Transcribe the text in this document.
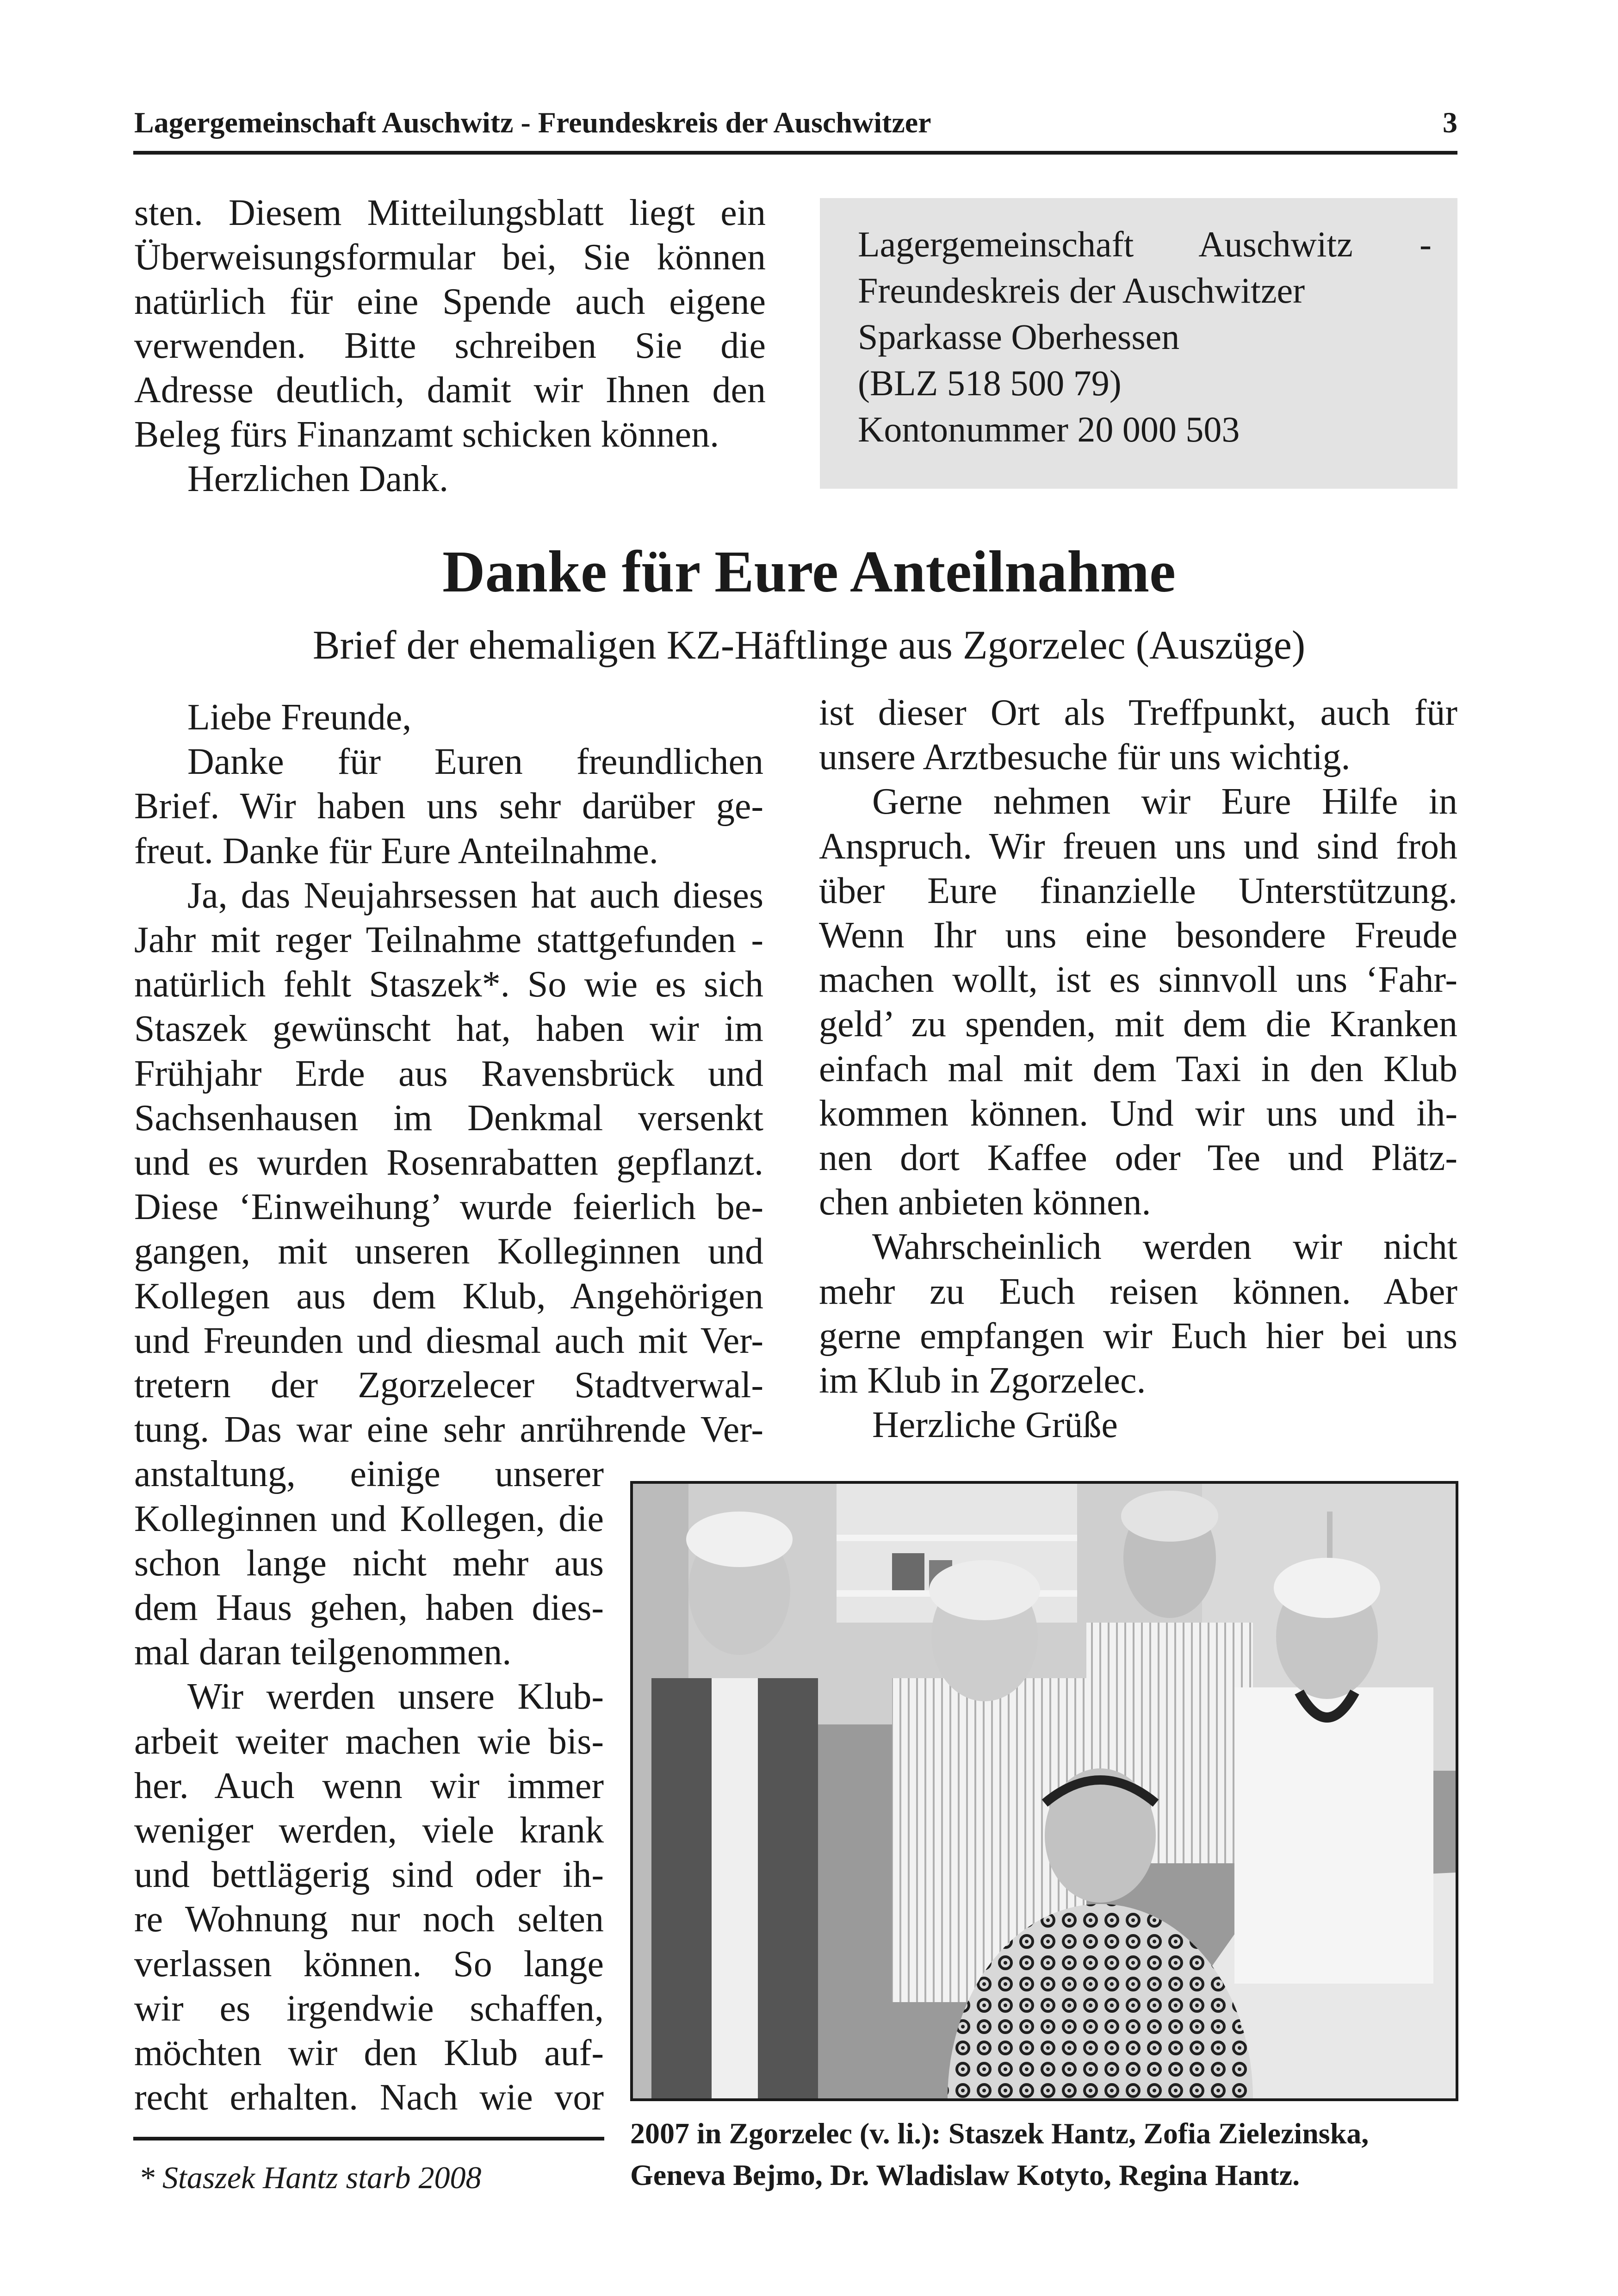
Lagergemeinschaft Auschwitz - Freundeskreis der Auschwitzer	3
sten. Diesem Mitteilungsblatt liegt ein
Überweisungsformular bei, Sie können
natürlich für eine Spende auch eigene
verwenden. Bitte schreiben Sie die
Adresse deutlich, damit wir Ihnen den
Beleg fürs Finanzamt schicken können.
Herzlichen Dank.
Lagergemeinschaft Auschwitz -
Freundeskreis der Auschwitzer
Sparkasse Oberhessen
(BLZ 518 500 79)
Kontonummer 20 000 503
Danke für Eure Anteilnahme
Brief der ehemaligen KZ-Häftlinge aus Zgorzelec (Auszüge)
Liebe Freunde,
Danke für Euren freundlichen
Brief. Wir haben uns sehr darüber ge-
freut. Danke für Eure Anteilnahme.
Ja, das Neujahrsessen hat auch dieses
Jahr mit reger Teilnahme stattgefunden -
natürlich fehlt Staszek*. So wie es sich
Staszek gewünscht hat, haben wir im
Frühjahr Erde aus Ravensbrück und
Sachsenhausen im Denkmal versenkt
und es wurden Rosenrabatten gepflanzt.
Diese ‘Einweihung’ wurde feierlich be-
gangen, mit unseren Kolleginnen und
Kollegen aus dem Klub, Angehörigen
und Freunden und diesmal auch mit Ver-
tretern der Zgorzelecer Stadtverwal-
tung. Das war eine sehr anrührende Ver-
anstaltung, einige unserer
Kolleginnen und Kollegen, die
schon lange nicht mehr aus
dem Haus gehen, haben dies-
mal daran teilgenommen.
Wir werden unsere Klub-
arbeit weiter machen wie bis-
her. Auch wenn wir immer
weniger werden, viele krank
und bettlägerig sind oder ih-
re Wohnung nur noch selten
verlassen können. So lange
wir es irgendwie schaffen,
möchten wir den Klub auf-
recht erhalten. Nach wie vor
ist dieser Ort als Treffpunkt, auch für
unsere Arztbesuche für uns wichtig.
Gerne nehmen wir Eure Hilfe in
Anspruch. Wir freuen uns und sind froh
über Eure finanzielle Unterstützung.
Wenn Ihr uns eine besondere Freude
machen wollt, ist es sinnvoll uns ‘Fahr-
geld’ zu spenden, mit dem die Kranken
einfach mal mit dem Taxi in den Klub
kommen können. Und wir uns und ih-
nen dort Kaffee oder Tee und Plätz-
chen anbieten können.
Wahrscheinlich werden wir nicht
mehr zu Euch reisen können. Aber
gerne empfangen wir Euch hier bei uns
im Klub in Zgorzelec.
Herzliche Grüße
2007 in Zgorzelec (v. li.): Staszek Hantz, Zofia Zielezinska,
Geneva Bejmo, Dr. Wladislaw Kotyto, Regina Hantz.
* Staszek Hantz starb 2008
